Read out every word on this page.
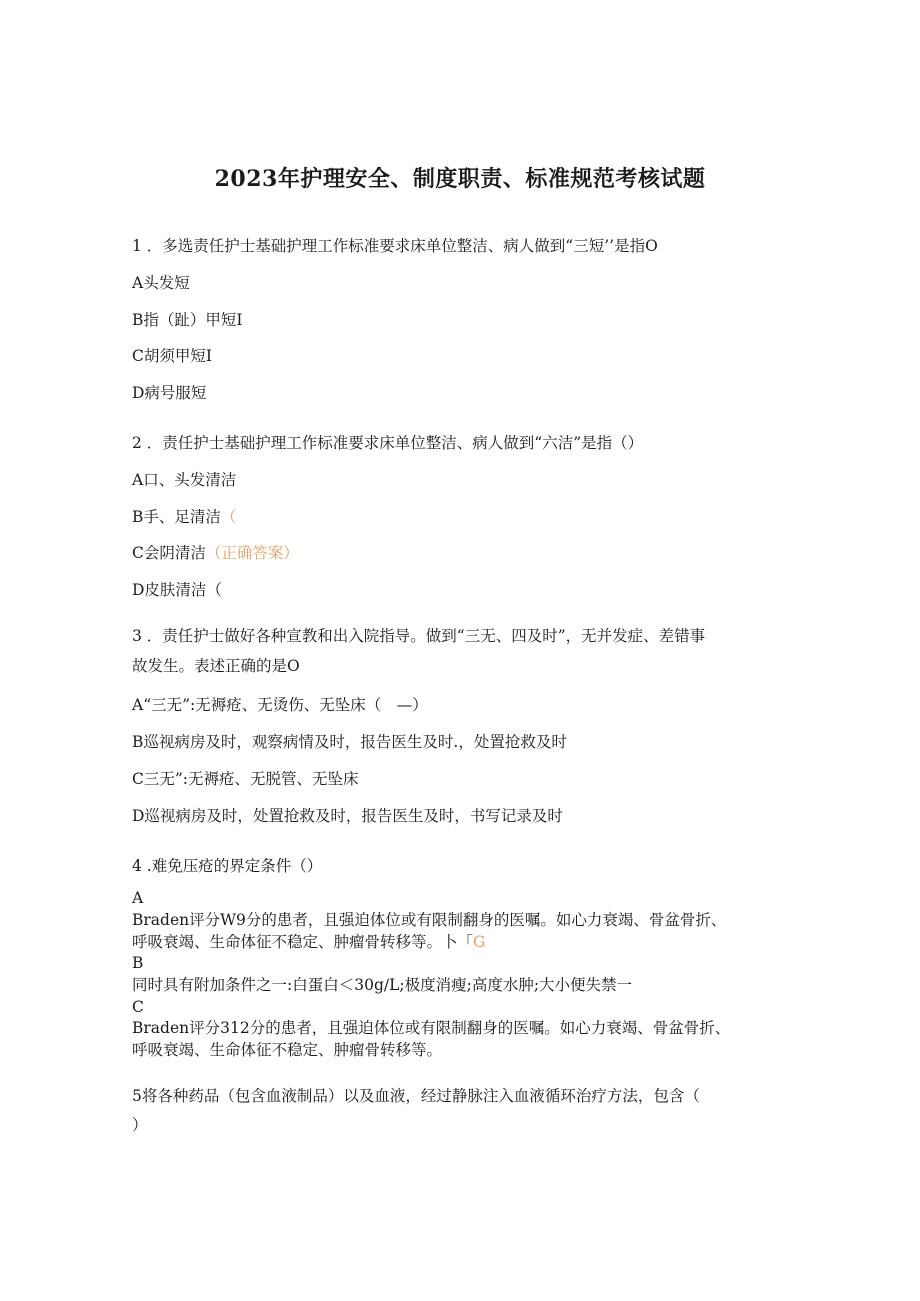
2023年护理安全、制度职责、标准规范考核试题
1 ．多选责任护士基础护理工作标准要求床单位整洁、病人做到“三短’’是指O
A头发短
B指（趾）甲短I
C胡须甲短I
D病号服短
2 ．责任护士基础护理工作标准要求床单位整洁、病人做到“六洁”是指（）
A口、头发清洁
B手、足清洁（
C会阴清洁（正确答案）
D皮肤清洁（
3 ．责任护士做好各种宣教和出入院指导。做到“三无、四及时”，无并发症、差错事
故发生。表述正确的是O
A“三无”:无褥疮、无烫伤、无坠床（　—）
B巡视病房及时，观察病情及时，报告医生及时.，处置抢救及时
C三无”:无褥疮、无脱管、无坠床
D巡视病房及时，处置抢救及时，报告医生及时，书写记录及时
4 .难免压疮的界定条件（）
A
Braden评分W9分的患者，且强迫体位或有限制翻身的医嘱。如心力衰竭、骨盆骨折、
呼吸衰竭、生命体征不稳定、肿瘤骨转移等。卜「G
B
同时具有附加条件之一:白蛋白＜30g∕L;极度消瘦;高度水肿;大小便失禁一
C
Braden评分312分的患者，且强迫体位或有限制翻身的医嘱。如心力衰竭、骨盆骨折、
呼吸衰竭、生命体征不稳定、肿瘤骨转移等。
5将各种药品（包含血液制品）以及血液，经过静脉注入血液循环治疗方法，包含（
）
